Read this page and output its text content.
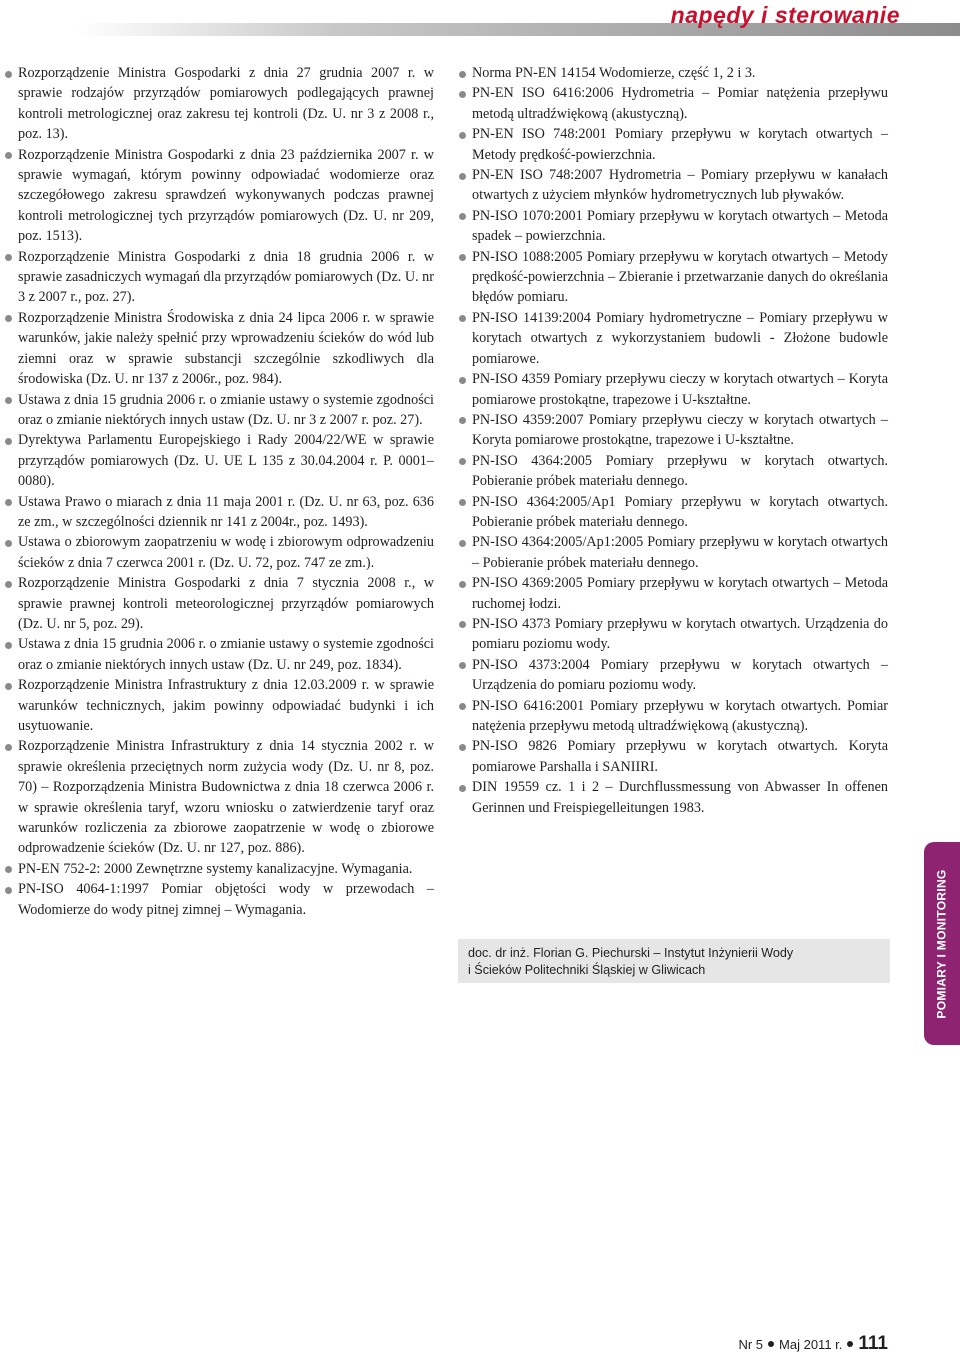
napędy i sterowanie
Rozporządzenie Ministra Gospodarki z dnia 27 grudnia 2007 r. w sprawie rodzajów przyrządów pomiarowych podlegających prawnej kontroli metrologicznej oraz zakresu tej kontroli (Dz. U. nr 3 z 2008 r., poz. 13).
Rozporządzenie Ministra Gospodarki z dnia 23 października 2007 r. w sprawie wymagań, którym powinny odpowiadać wodomierze oraz szczegółowego zakresu sprawdzeń wykonywanych podczas prawnej kontroli metrologicznej tych przyrządów pomiarowych (Dz. U. nr 209, poz. 1513).
Rozporządzenie Ministra Gospodarki z dnia 18 grudnia 2006 r. w sprawie zasadniczych wymagań dla przyrządów pomiarowych (Dz. U. nr 3 z 2007 r., poz. 27).
Rozporządzenie Ministra Środowiska z dnia 24 lipca 2006 r. w sprawie warunków, jakie należy spełnić przy wprowadzeniu ścieków do wód lub ziemni oraz w sprawie substancji szczególnie szkodliwych dla środowiska (Dz. U. nr 137 z 2006r., poz. 984).
Ustawa z dnia 15 grudnia 2006 r. o zmianie ustawy o systemie zgodności oraz o zmianie niektórych innych ustaw (Dz. U. nr 3 z 2007 r. poz. 27).
Dyrektywa Parlamentu Europejskiego i Rady 2004/22/WE w sprawie przyrządów pomiarowych (Dz. U. UE L 135 z 30.04.2004 r. P. 0001–0080).
Ustawa Prawo o miarach z dnia 11 maja 2001 r. (Dz. U. nr 63, poz. 636 ze zm., w szczególności dziennik nr 141 z 2004r., poz. 1493).
Ustawa o zbiorowym zaopatrzeniu w wodę i zbiorowym odprowadzeniu ścieków z dnia 7 czerwca 2001 r. (Dz. U. 72, poz. 747 ze zm.).
Rozporządzenie Ministra Gospodarki z dnia 7 stycznia 2008 r., w sprawie prawnej kontroli meteorologicznej przyrządów pomiarowych (Dz. U. nr 5, poz. 29).
Ustawa z dnia 15 grudnia 2006 r. o zmianie ustawy o systemie zgodności oraz o zmianie niektórych innych ustaw (Dz. U. nr 249, poz. 1834).
Rozporządzenie Ministra Infrastruktury z dnia 12.03.2009 r. w sprawie warunków technicznych, jakim powinny odpowiadać budynki i ich usytuowanie.
Rozporządzenie Ministra Infrastruktury z dnia 14 stycznia 2002 r. w sprawie określenia przeciętnych norm zużycia wody (Dz. U. nr 8, poz. 70) – Rozporządzenia Ministra Budownictwa z dnia 18 czerwca 2006 r. w sprawie określenia taryf, wzoru wniosku o zatwierdzenie taryf oraz warunków rozliczenia za zbiorowe zaopatrzenie w wodę o zbiorowe odprowadzenie ścieków (Dz. U. nr 127, poz. 886).
PN-EN 752-2: 2000 Zewnętrzne systemy kanalizacyjne. Wymagania.
PN-ISO 4064-1:1997 Pomiar objętości wody w przewodach – Wodomierze do wody pitnej zimnej – Wymagania.
Norma PN-EN 14154 Wodomierze, część 1, 2 i 3.
PN-EN ISO 6416:2006 Hydrometria – Pomiar natężenia przepływu metodą ultradźwiękową (akustyczną).
PN-EN ISO 748:2001 Pomiary przepływu w korytach otwartych – Metody prędkość-powierzchnia.
PN-EN ISO 748:2007 Hydrometria – Pomiary przepływu w kanałach otwartych z użyciem młynków hydrometrycznych lub pływaków.
PN-ISO 1070:2001 Pomiary przepływu w korytach otwartych – Metoda spadek – powierzchnia.
PN-ISO 1088:2005 Pomiary przepływu w korytach otwartych – Metody prędkość-powierzchnia – Zbieranie i przetwarzanie danych do określania błędów pomiaru.
PN-ISO 14139:2004 Pomiary hydrometryczne – Pomiary przepływu w korytach otwartych z wykorzystaniem budowli - Złożone budowle pomiarowe.
PN-ISO 4359 Pomiary przepływu cieczy w korytach otwartych – Koryta pomiarowe prostokątne, trapezowe i U-kształtne.
PN-ISO 4359:2007 Pomiary przepływu cieczy w korytach otwartych – Koryta pomiarowe prostokątne, trapezowe i U-kształtne.
PN-ISO 4364:2005 Pomiary przepływu w korytach otwartych. Pobieranie próbek materiału dennego.
PN-ISO 4364:2005/Ap1 Pomiary przepływu w korytach otwartych. Pobieranie próbek materiału dennego.
PN-ISO 4364:2005/Ap1:2005 Pomiary przepływu w korytach otwartych – Pobieranie próbek materiału dennego.
PN-ISO 4369:2005 Pomiary przepływu w korytach otwartych – Metoda ruchomej łodzi.
PN-ISO 4373 Pomiary przepływu w korytach otwartych. Urządzenia do pomiaru poziomu wody.
PN-ISO 4373:2004 Pomiary przepływu w korytach otwartych – Urządzenia do pomiaru poziomu wody.
PN-ISO 6416:2001 Pomiary przepływu w korytach otwartych. Pomiar natężenia przepływu metodą ultradźwiękową (akustyczną).
PN-ISO 9826 Pomiary przepływu w korytach otwartych. Koryta pomiarowe Parshalla i SANIIRI.
DIN 19559 cz. 1 i 2 – Durchflussmessung von Abwasser In offenen Gerinnen und Freispiegelleitungen 1983.
doc. dr inż. Florian G. Piechurski – Instytut Inżynierii Wody
i Ścieków Politechniki Śląskiej w Gliwicach	POMIARY I MONITORING
Nr 5 Maj 2011 r. 111
